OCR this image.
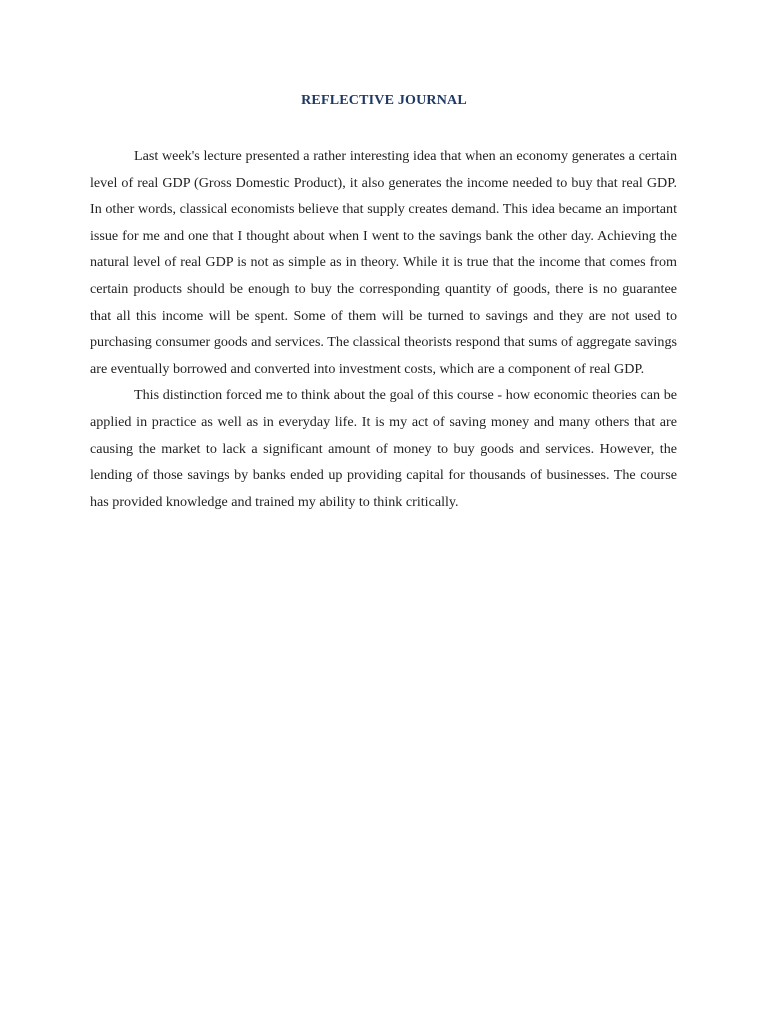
REFLECTIVE JOURNAL

Last week's lecture presented a rather interesting idea that when an economy generates a certain level of real GDP (Gross Domestic Product), it also generates the income needed to buy that real GDP. In other words, classical economists believe that supply creates demand. This idea became an important issue for me and one that I thought about when I went to the savings bank the other day. Achieving the natural level of real GDP is not as simple as in theory. While it is true that the income that comes from certain products should be enough to buy the corresponding quantity of goods, there is no guarantee that all this income will be spent. Some of them will be turned to savings and they are not used to purchasing consumer goods and services. The classical theorists respond that sums of aggregate savings are eventually borrowed and converted into investment costs, which are a component of real GDP.

This distinction forced me to think about the goal of this course - how economic theories can be applied in practice as well as in everyday life. It is my act of saving money and many others that are causing the market to lack a significant amount of money to buy goods and services. However, the lending of those savings by banks ended up providing capital for thousands of businesses. The course has provided knowledge and trained my ability to think critically.
